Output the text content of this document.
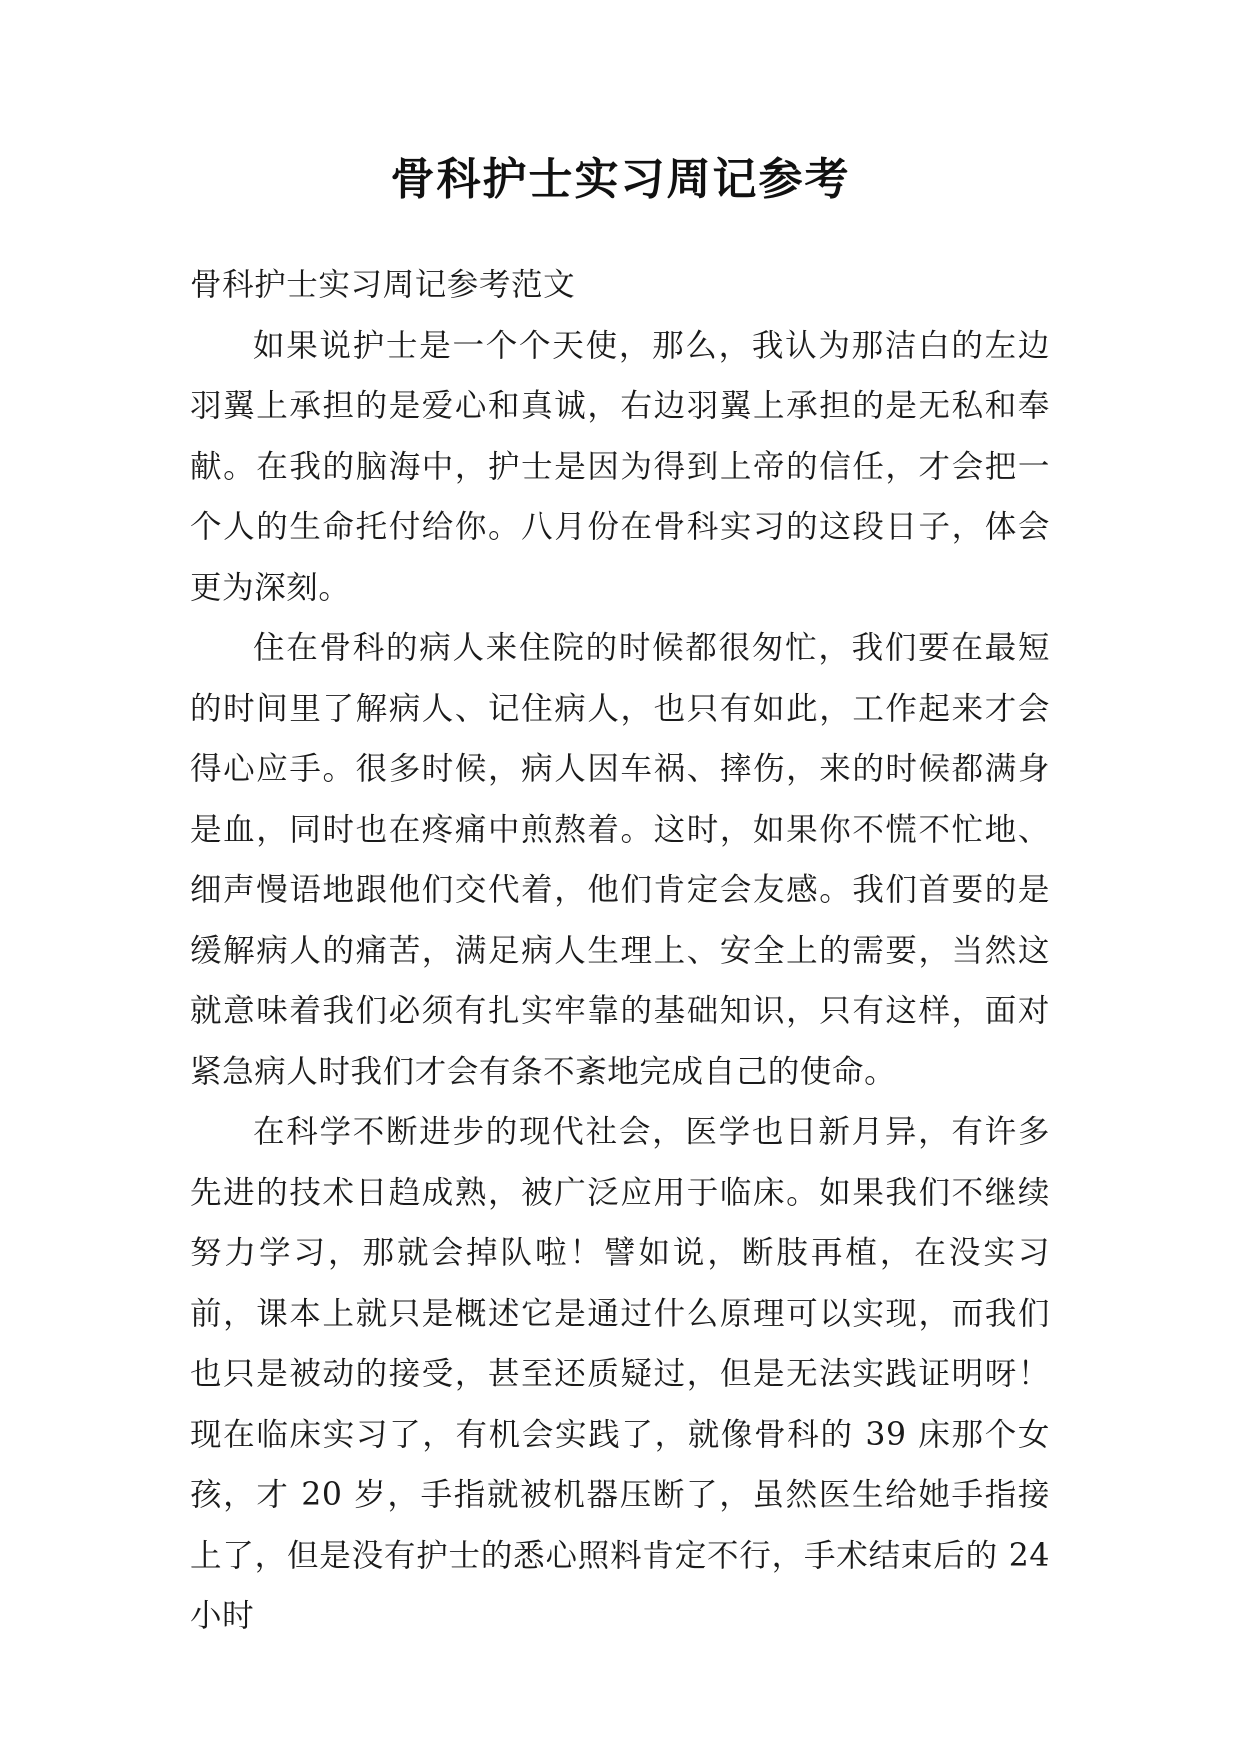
骨科护士实习周记参考

骨科护士实习周记参考范文

如果说护士是一个个天使，那么，我认为那洁白的左边羽翼上承担的是爱心和真诚，右边羽翼上承担的是无私和奉献。在我的脑海中，护士是因为得到上帝的信任，才会把一个人的生命托付给你。八月份在骨科实习的这段日子，体会更为深刻。

住在骨科的病人来住院的时候都很匆忙，我们要在最短的时间里了解病人、记住病人，也只有如此，工作起来才会得心应手。很多时候，病人因车祸、摔伤，来的时候都满身是血，同时也在疼痛中煎熬着。这时，如果你不慌不忙地、细声慢语地跟他们交代着，他们肯定会友感。我们首要的是缓解病人的痛苦，满足病人生理上、安全上的需要，当然这就意味着我们必须有扎实牢靠的基础知识，只有这样，面对紧急病人时我们才会有条不紊地完成自己的使命。

在科学不断进步的现代社会，医学也日新月异，有许多先进的技术日趋成熟，被广泛应用于临床。如果我们不继续努力学习，那就会掉队啦！譬如说，断肢再植，在没实习前，课本上就只是概述它是通过什么原理可以实现，而我们也只是被动的接受，甚至还质疑过，但是无法实践证明呀！现在临床实习了，有机会实践了，就像骨科的 39 床那个女孩，才 20 岁，手指就被机器压断了，虽然医生给她手指接上了，但是没有护士的悉心照料肯定不行，手术结束后的 24 小时
